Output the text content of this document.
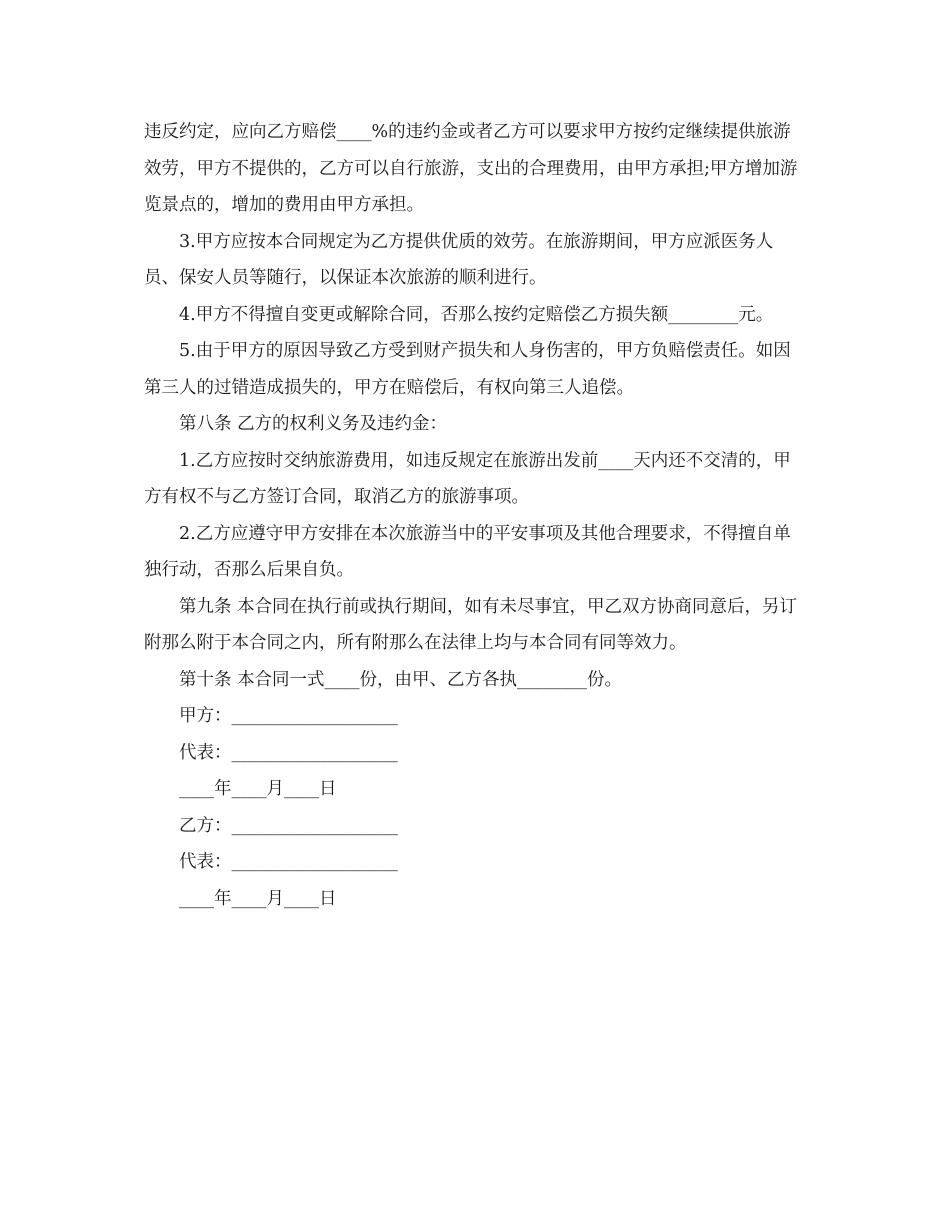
违反约定，应向乙方赔偿____%的违约金或者乙方可以要求甲方按约定继续提供旅游效劳，甲方不提供的，乙方可以自行旅游，支出的合理费用，由甲方承担;甲方增加游览景点的，增加的费用由甲方承担。

3.甲方应按本合同规定为乙方提供优质的效劳。在旅游期间，甲方应派医务人员、保安人员等随行，以保证本次旅游的顺利进行。

4.甲方不得擅自变更或解除合同，否那么按约定赔偿乙方损失额________元。

5.由于甲方的原因导致乙方受到财产损失和人身伤害的，甲方负赔偿责任。如因第三人的过错造成损失的，甲方在赔偿后，有权向第三人追偿。

第八条 乙方的权利义务及违约金：

1.乙方应按时交纳旅游费用，如违反规定在旅游出发前____天内还不交清的，甲方有权不与乙方签订合同，取消乙方的旅游事项。

2.乙方应遵守甲方安排在本次旅游当中的平安事项及其他合理要求，不得擅自单独行动，否那么后果自负。

第九条 本合同在执行前或执行期间，如有未尽事宜，甲乙双方协商同意后，另订附那么附于本合同之内，所有附那么在法律上均与本合同有同等效力。

第十条 本合同一式____份，由甲、乙方各执________份。

甲方：___________________

代表：___________________

____年____月____日

乙方：___________________

代表：___________________

____年____月____日
